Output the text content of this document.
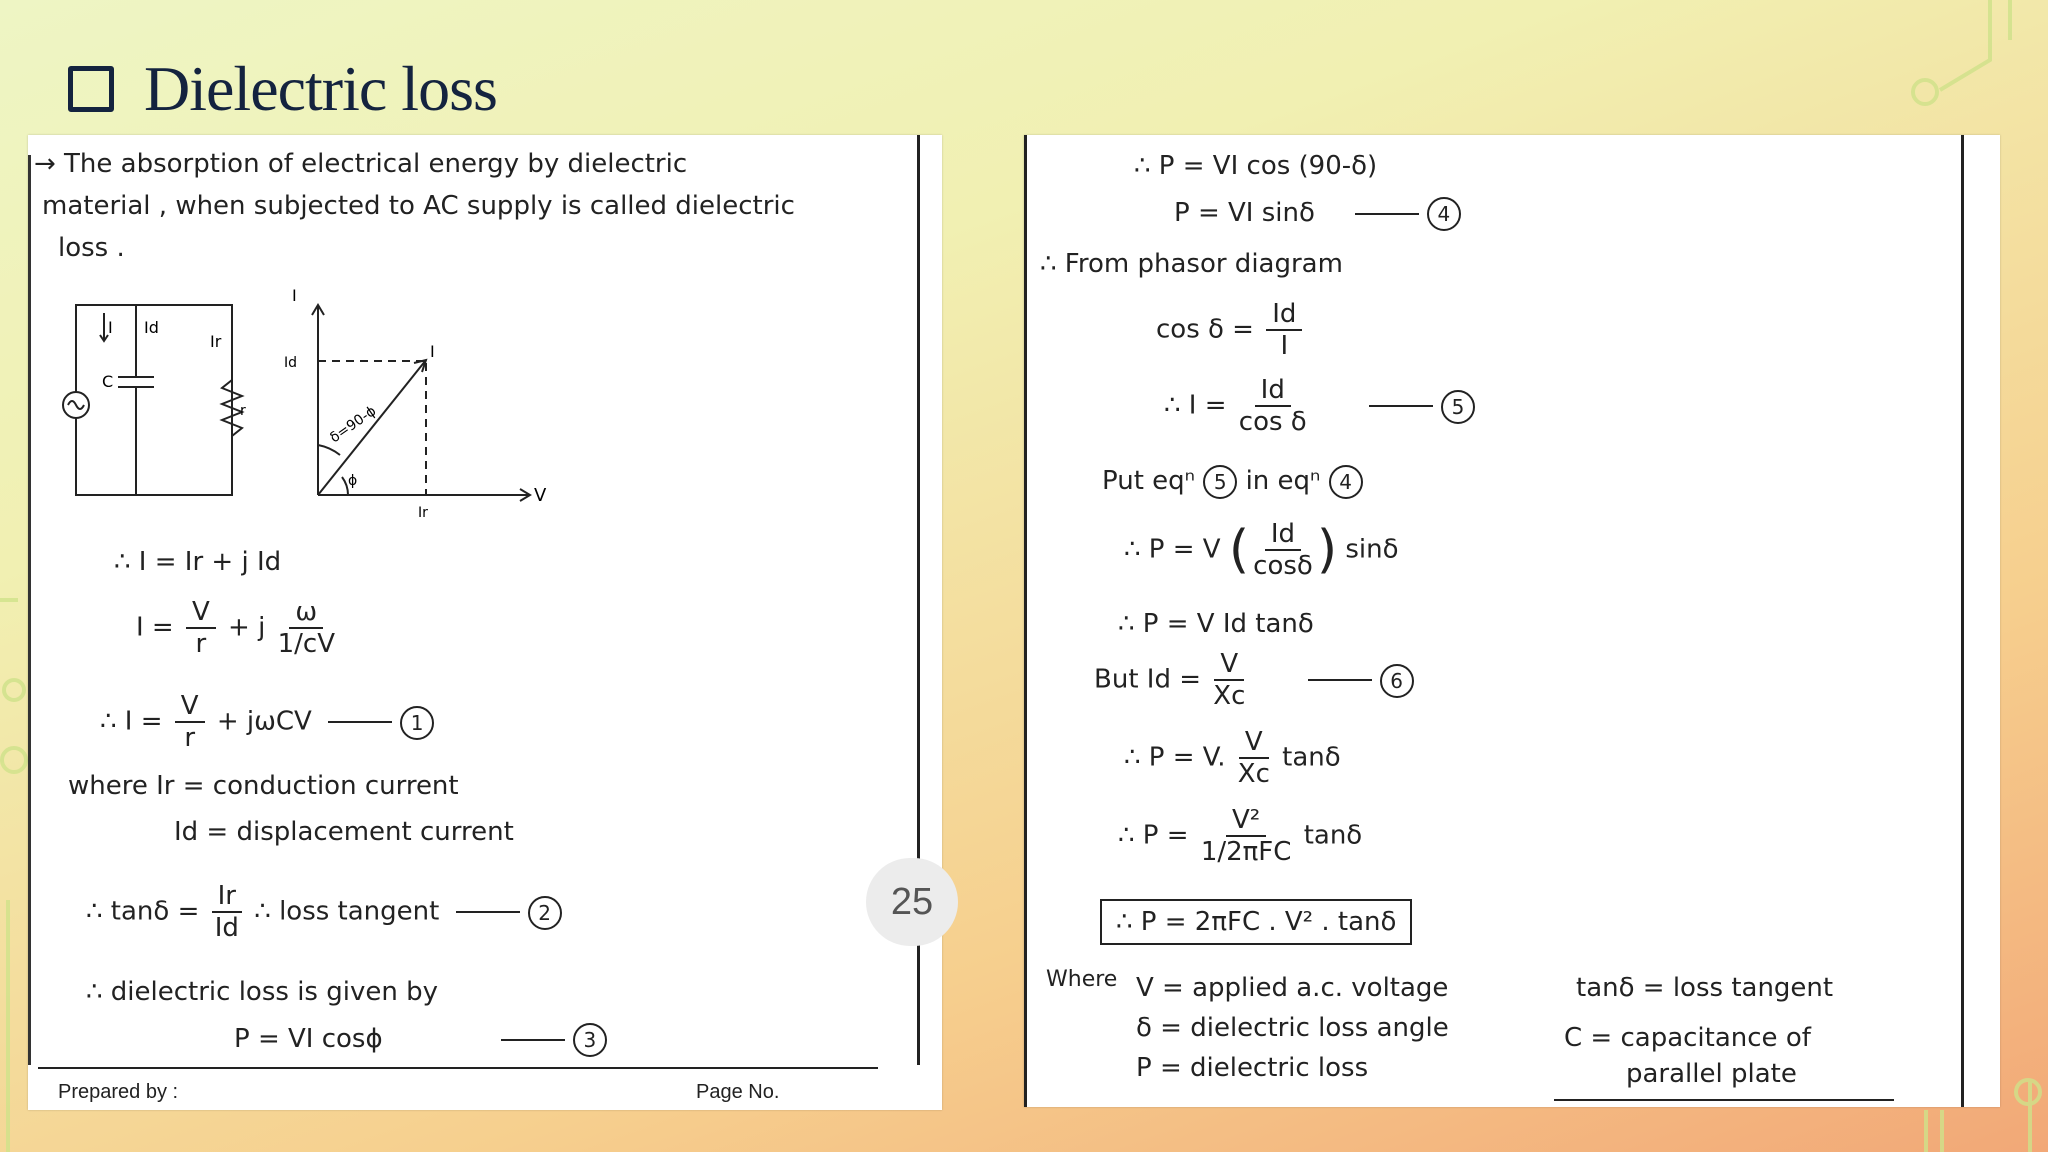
Dielectric loss
→ The absorption of electrical energy by dielectric
material , when subjected to AC supply is called dielectric
loss .
I Id
Ir
C
r
I
Id
I
δ=90-ϕ
ϕ
Ir
V
∴ I = Ir + j Id
$I = \frac{V}{r} + j \frac{\omega}{1/cV}$
∴ $I = \frac{V}{r} + j\omega CV$	1
where Ir = conduction current
Id = displacement current
∴ $\tan\delta = \frac{Ir}{Id}$ ∴ loss tangent	2
∴ dielectric loss is given by
P = VI cosϕ	3
Prepared by :	Page No.
25
∴ P = VI cos (90-δ)
P = VI sinδ	4
∴ From phasor diagram
$\cos \delta = \frac{Id}{I}$
∴ $I = \frac{Id}{\text{cos δ}}$	5
Put eqⁿ 5 in eqⁿ 4
∴ P = V ( $\frac{Id}{\cos\delta}$ ) sinδ
∴ P = V Id tanδ
But $Id = \frac{V}{Xc}$	6
∴ P = V. $\frac{V}{Xc}$ tanδ
∴ $P = \frac{\text{V²}}{\text{1/2πFC}}$ tanδ
∴ P = 2πFC . V² . tanδ
Where V = applied a.c. voltage
δ = dielectric loss angle
P = dielectric loss
tanδ = loss tangent
C = capacitance of
parallel plate
